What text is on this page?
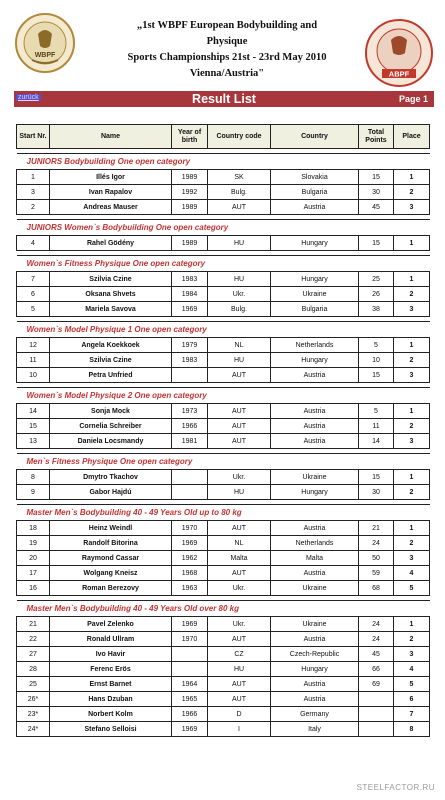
WBPF
„1st WBPF European Bodybuilding and Physique
Sports Championships 21st - 23rd May 2010
Vienna/Austria"	ABPF
zurück	Result List	Page 1
Start Nr.	Name	Year of birth	Country code	Country	Total Points	Place

JUNIORS Bodybuilding One open category						
1	Illés Igor	1989	SK	Slovakia	15	1
3	Ivan Rapalov	1992	Bulg.	Bulgaria	30	2
2	Andreas Mauser	1989	AUT	Austria	45	3

JUNIORS Women`s Bodybuilding One open category						
4	Rahel Gödény	1989	HU	Hungary	15	1

Women`s Fitness Physique One open category						
7	Szilvia Czine	1983	HU	Hungary	25	1
6	Oksana Shvets	1984	Ukr.	Ukraine	26	2
5	Mariela Savova	1969	Bulg.	Bulgaria	38	3

Women`s Model Physique 1 One open category						
12	Angela Koekkoek	1979	NL	Netherlands	5	1
11	Szilvia Czine	1983	HU	Hungary	10	2
10	Petra Unfried		AUT	Austria	15	3

Women`s Model Physique 2 One open category						
14	Sonja Mock	1973	AUT	Austria	5	1
15	Cornelia Schreiber	1966	AUT	Austria	11	2
13	Daniela Locsmandy	1981	AUT	Austria	14	3

Men`s Fitness Physique One open category						
8	Dmytro Tkachov		Ukr.	Ukraine	15	1
9	Gabor Hajdú		HU	Hungary	30	2

Master Men`s Bodybuilding 40 - 49 Years Old up to 80 kg						
18	Heinz Weindl	1970	AUT	Austria	21	1
19	Randolf Bitorina	1969	NL	Netherlands	24	2
20	Raymond Cassar	1962	Malta	Malta	50	3
17	Wolgang Kneisz	1968	AUT	Austria	59	4
16	Roman Berezovy	1963	Ukr.	Ukraine	68	5

Master Men`s Bodybuilding 40 - 49 Years Old over 80 kg						
21	Pavel Zelenko	1969	Ukr.	Ukraine	24	1
22	Ronald Ullram	1970	AUT	Austria	24	2
27	Ivo Havir		CZ	Czech-Republic	45	3
28	Ferenc Erös		HU	Hungary	66	4
25	Ernst Barnet	1964	AUT	Austria	69	5
26*	Hans Dzuban	1965	AUT	Austria		6
23*	Norbert Kolm	1966	D	Germany		7
24*	Stefano Selloisi	1969	I	Italy		8
STEELFACTOR.RU
